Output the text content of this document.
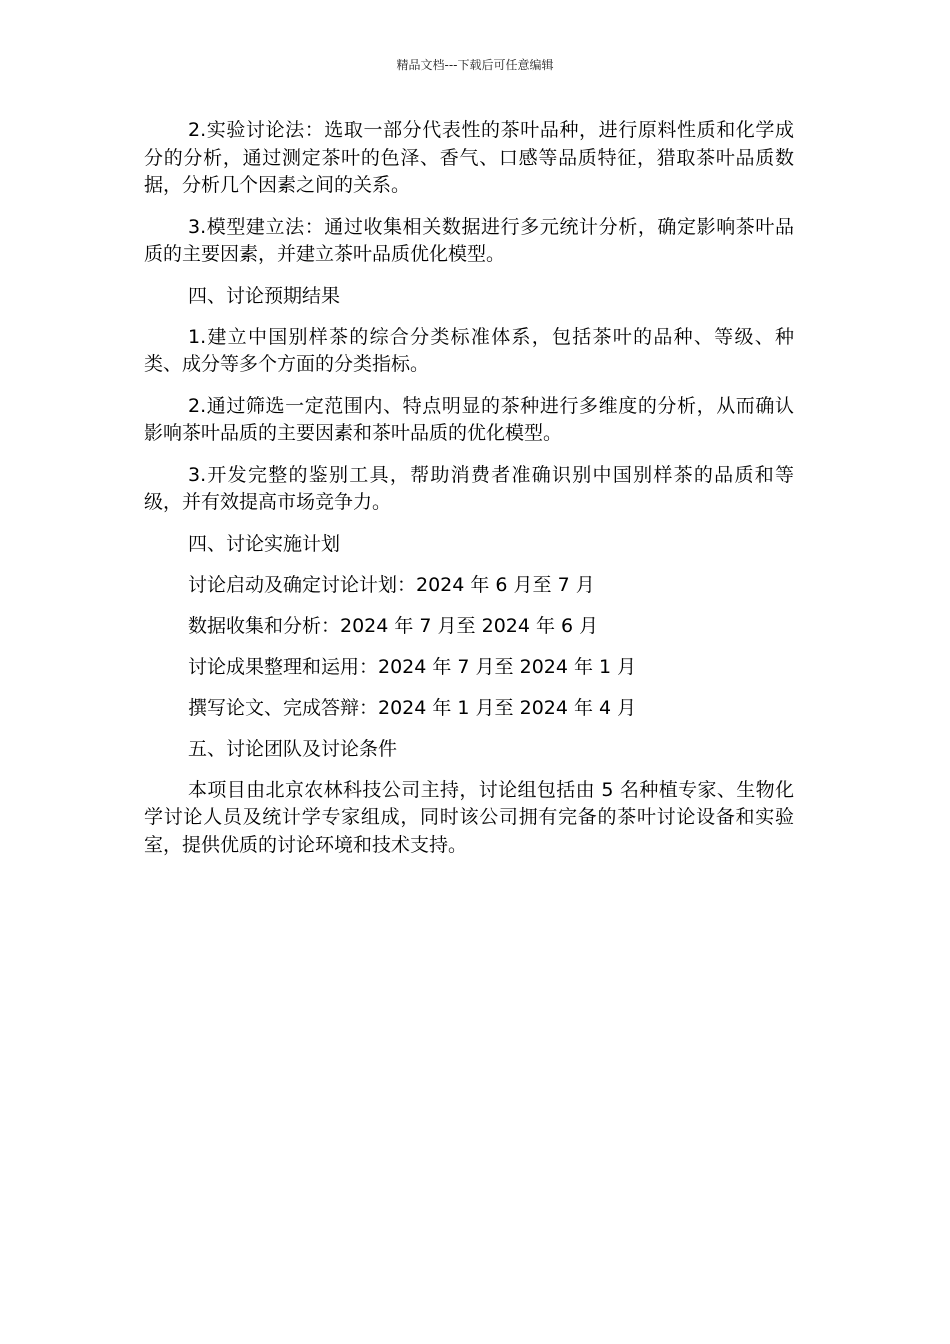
精品文档---下载后可任意编辑

2.实验讨论法：选取一部分代表性的茶叶品种，进行原料性质和化学成分的分析，通过测定茶叶的色泽、香气、口感等品质特征，猎取茶叶品质数据，分析几个因素之间的关系。

3.模型建立法：通过收集相关数据进行多元统计分析，确定影响茶叶品质的主要因素，并建立茶叶品质优化模型。

四、讨论预期结果

1.建立中国别样茶的综合分类标准体系，包括茶叶的品种、等级、种类、成分等多个方面的分类指标。

2.通过筛选一定范围内、特点明显的茶种进行多维度的分析，从而确认影响茶叶品质的主要因素和茶叶品质的优化模型。

3.开发完整的鉴别工具，帮助消费者准确识别中国别样茶的品质和等级，并有效提高市场竞争力。

四、讨论实施计划

讨论启动及确定讨论计划：2024 年 6 月至 7 月

数据收集和分析：2024 年 7 月至 2024 年 6 月

讨论成果整理和运用：2024 年 7 月至 2024 年 1 月

撰写论文、完成答辩：2024 年 1 月至 2024 年 4 月

五、讨论团队及讨论条件

本项目由北京农林科技公司主持，讨论组包括由 5 名种植专家、生物化学讨论人员及统计学专家组成，同时该公司拥有完备的茶叶讨论设备和实验室，提供优质的讨论环境和技术支持。
